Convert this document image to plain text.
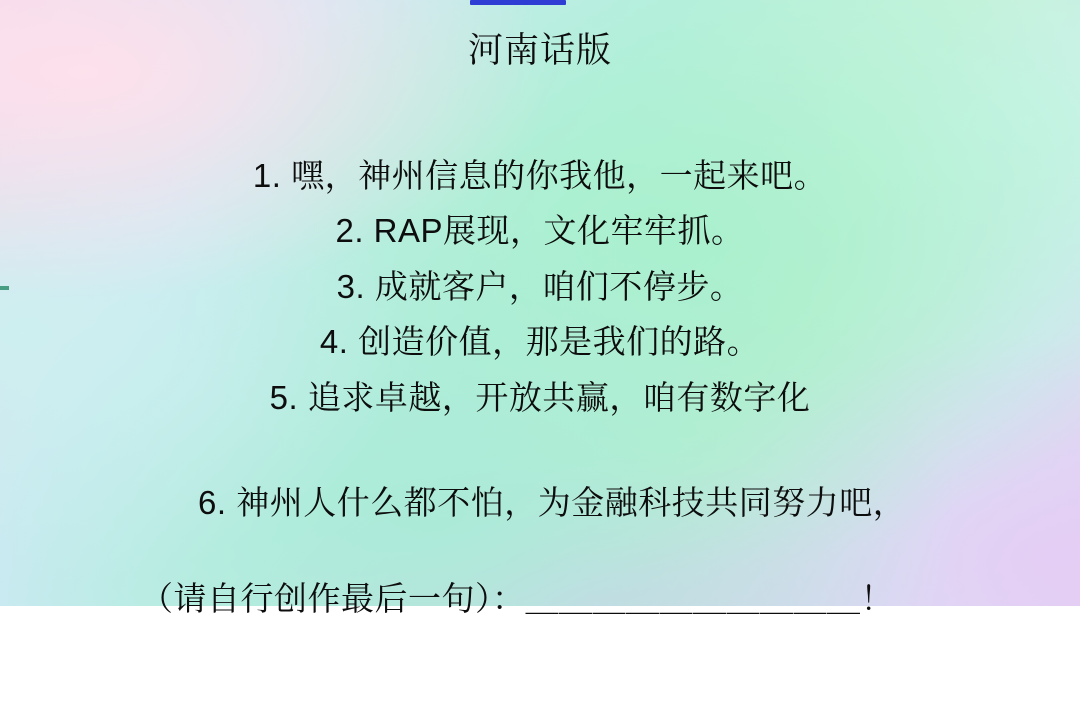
河南话版
1. 嘿，神州信息的你我他，一起来吧。
2. RAP展现，文化牢牢抓。
3. 成就客户，咱们不停步。
4. 创造价值，那是我们的路。
5. 追求卓越，开放共赢，咱有数字化

6. 神州人什么都不怕，为金融科技共同努力吧，

（请自行创作最后一句）：＿＿＿＿＿＿＿＿＿＿！
